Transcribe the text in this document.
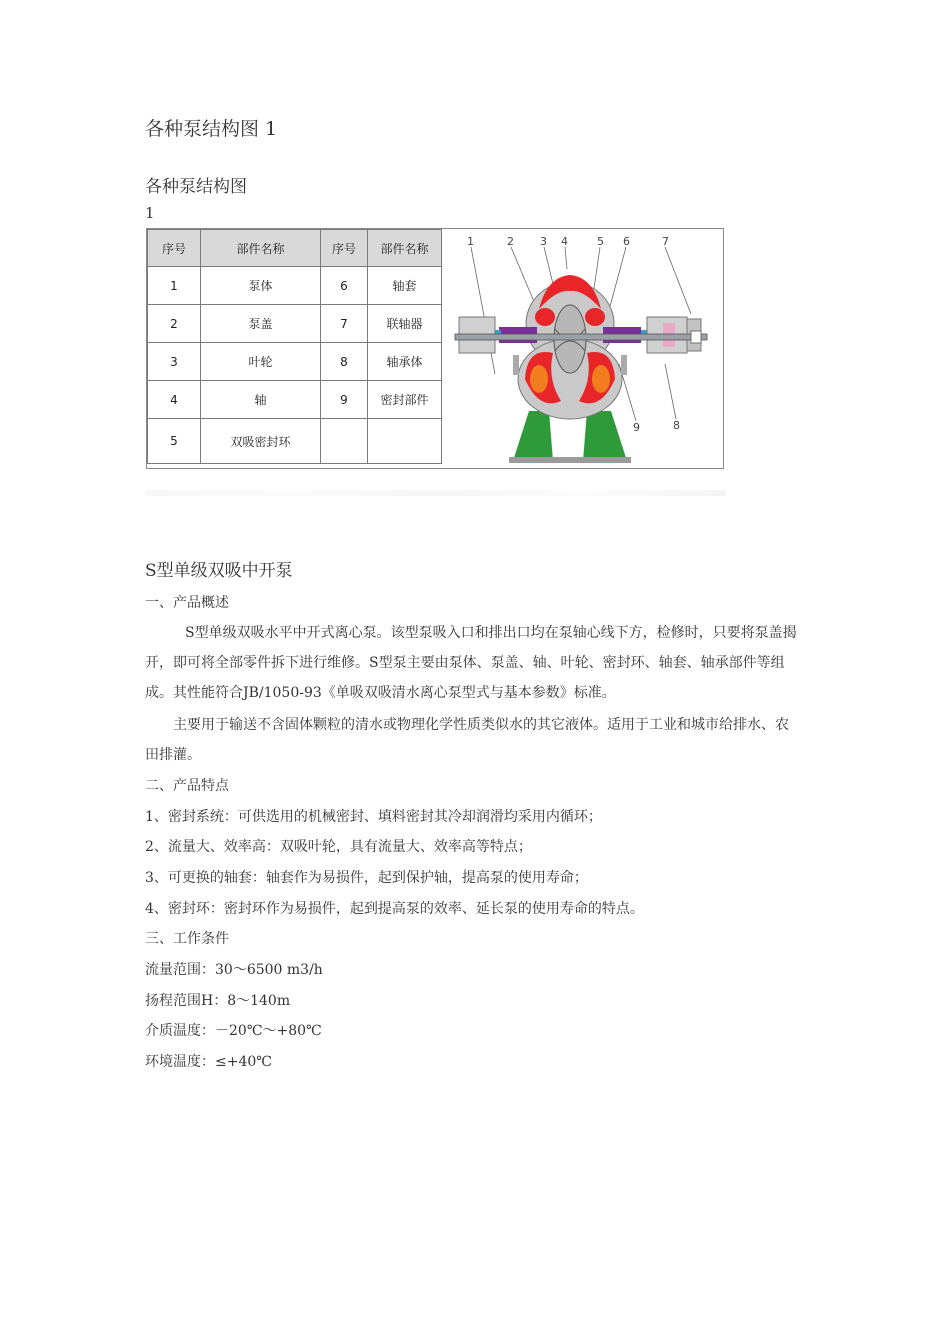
各种泵结构图 1
各种泵结构图
1
序号	部件名称	序号	部件名称
1	泵体	6	轴套
2	泵盖	7	联轴器
3	叶轮	8	轴承体
4	轴	9	密封部件
5	双吸密封环		
1	2 3 4	5 6	7
9	8
S型单级双吸中开泵
一、产品概述
S型单级双吸水平中开式离心泵。该型泵吸入口和排出口均在泵轴心线下方，检修时，只要将泵盖揭
开，即可将全部零件拆下进行维修。S型泵主要由泵体、泵盖、轴、叶轮、密封环、轴套、轴承部件等组
成。其性能符合JB/1050-93《单吸双吸清水离心泵型式与基本参数》标准。
主要用于输送不含固体颗粒的清水或物理化学性质类似水的其它液体。适用于工业和城市给排水、农
田排灌。
二、产品特点
1、密封系统：可供选用的机械密封、填料密封其冷却润滑均采用内循环；
2、流量大、效率高：双吸叶轮，具有流量大、效率高等特点；
3、可更换的轴套：轴套作为易损件，起到保护轴，提高泵的使用寿命；
4、密封环：密封环作为易损件，起到提高泵的效率、延长泵的使用寿命的特点。
三、工作条件
流量范围：30～6500 m3/h
扬程范围H：8～140m
介质温度：－20℃～+80℃
环境温度：≤+40℃
